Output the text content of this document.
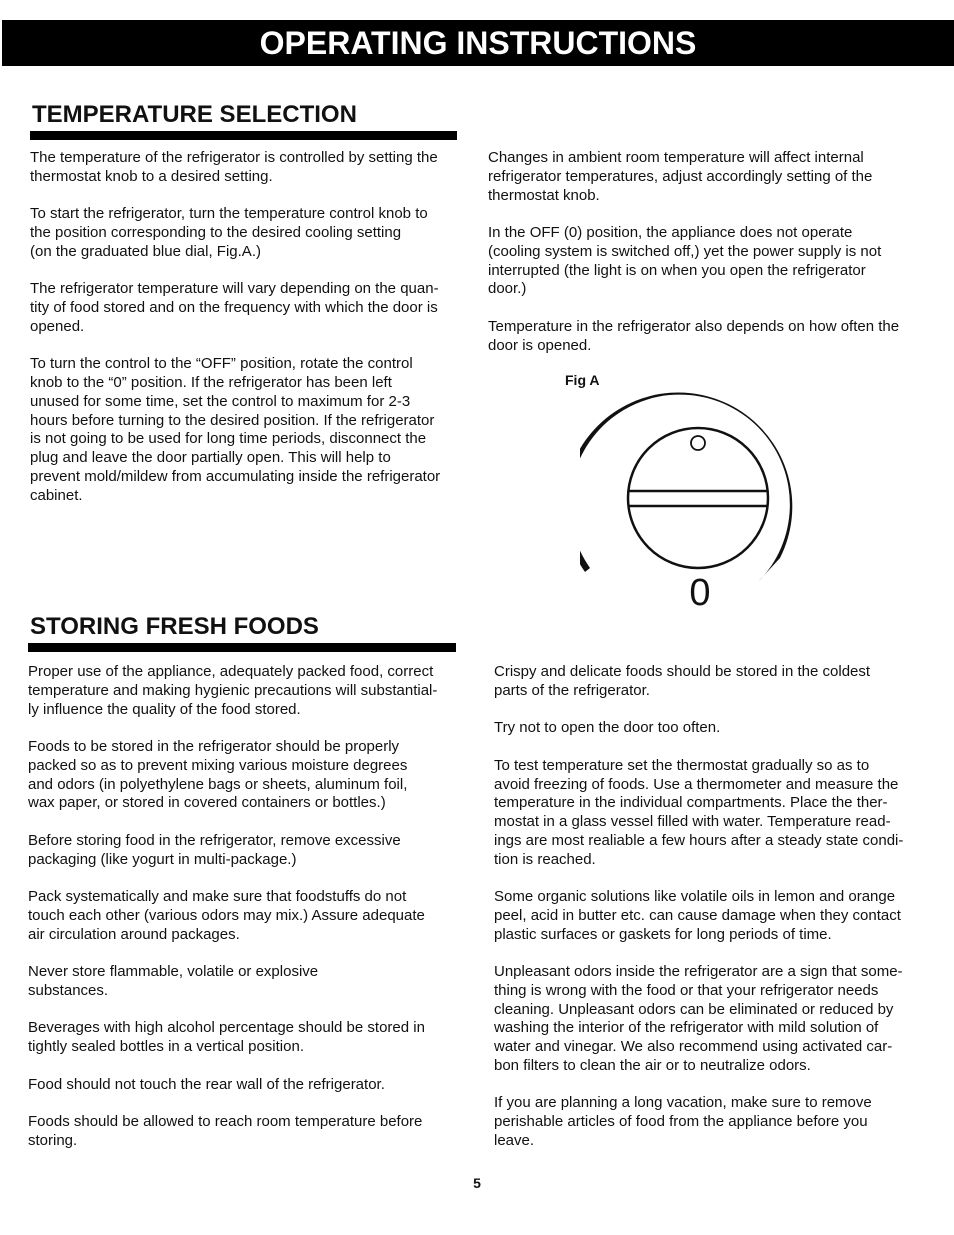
OPERATING INSTRUCTIONS
TEMPERATURE SELECTION

The temperature of the refrigerator is controlled by setting the
thermostat knob to a desired setting.

To start the refrigerator, turn the temperature control knob to
the position corresponding to the desired cooling setting
(on the graduated blue dial, Fig.A.)

The refrigerator temperature will vary depending on the quan-
tity of food stored and on the frequency with which the door is
opened.

To turn the control to the “OFF” position, rotate the control
knob to the “0” position. If the refrigerator has been left
unused for some time, set the control to maximum for 2-3
hours before turning to the desired position. If the refrigerator
is not going to be used for long time periods, disconnect the
plug and leave the door partially open. This will help to
prevent mold/mildew from accumulating inside the refrigerator
cabinet.

Changes in ambient room temperature will affect internal
refrigerator temperatures, adjust accordingly setting of the
thermostat knob.

In the OFF (0) position, the appliance does not operate
(cooling system is switched off,) yet the power supply is not
interrupted (the light is on when you open the refrigerator
door.)

Temperature in the refrigerator also depends on how often the
door is opened.

Fig A
0
STORING FRESH FOODS

Proper use of the appliance, adequately packed food, correct
temperature and making hygienic precautions will substantial-
ly influence the quality of the food stored.

Foods to be stored in the refrigerator should be properly
packed so as to prevent mixing various moisture degrees
and odors (in polyethylene bags or sheets, aluminum foil,
wax paper, or stored in covered containers or bottles.)

Before storing food in the refrigerator, remove excessive
packaging (like yogurt in multi-package.)

Pack systematically and make sure that foodstuffs do not
touch each other (various odors may mix.) Assure adequate
air circulation around packages.

Never store flammable, volatile or explosive
substances.

Beverages with high alcohol percentage should be stored in
tightly sealed bottles in a vertical position.

Food should not touch the rear wall of the refrigerator.

Foods should be allowed to reach room temperature before
storing.

Crispy and delicate foods should be stored in the coldest
parts of the refrigerator.

Try not to open the door too often.

To test temperature set the thermostat gradually so as to
avoid freezing of foods. Use a thermometer and measure the
temperature in the individual compartments. Place the ther-
mostat in a glass vessel filled with water. Temperature read-
ings are most realiable a few hours after a steady state condi-
tion is reached.

Some organic solutions like volatile oils in lemon and orange
peel, acid in butter etc. can cause damage when they contact
plastic surfaces or gaskets for long periods of time.

Unpleasant odors inside the refrigerator are a sign that some-
thing is wrong with the food or that your refrigerator needs
cleaning. Unpleasant odors can be eliminated or reduced by
washing the interior of the refrigerator with mild solution of
water and vinegar. We also recommend using activated car-
bon filters to clean the air or to neutralize odors.

If you are planning a long vacation, make sure to remove
perishable articles of food from the appliance before you
leave.

5
